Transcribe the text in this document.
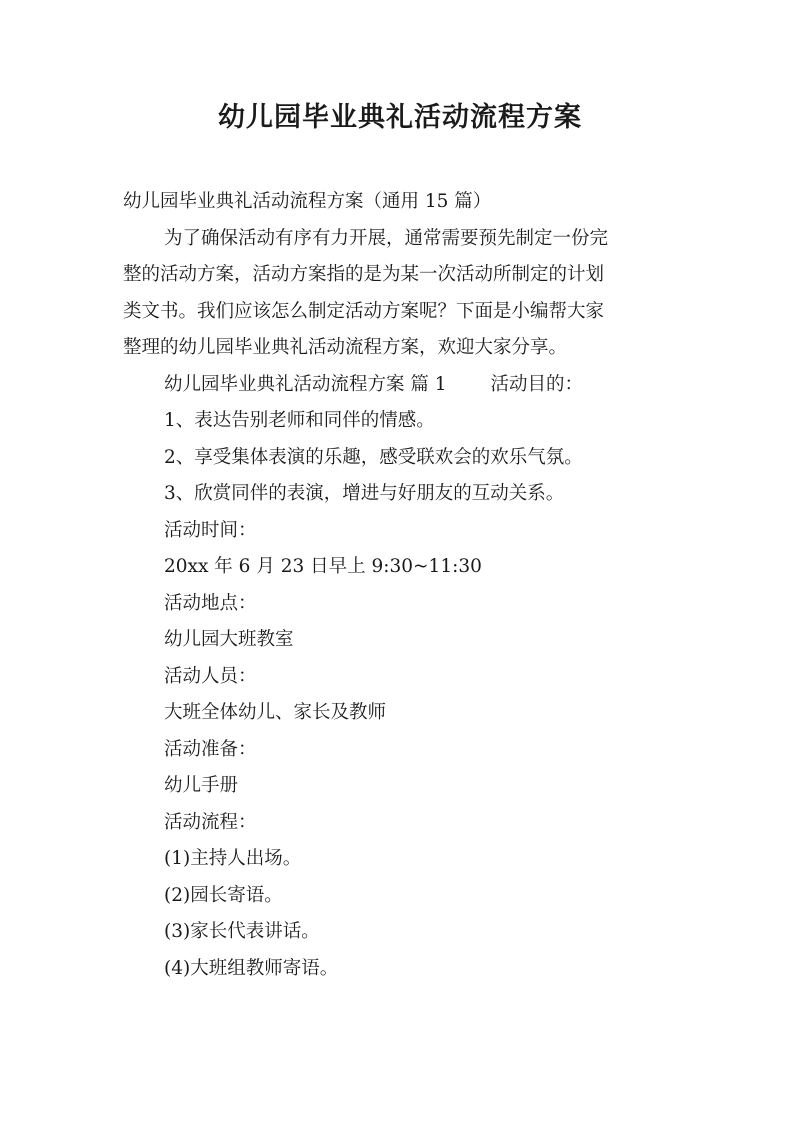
幼儿园毕业典礼活动流程方案

幼儿园毕业典礼活动流程方案（通用 15 篇）

为了确保活动有序有力开展，通常需要预先制定一份完

整的活动方案，活动方案指的是为某一次活动所制定的计划

类文书。我们应该怎么制定活动方案呢？下面是小编帮大家

整理的幼儿园毕业典礼活动流程方案，欢迎大家分享。

幼儿园毕业典礼活动流程方案 篇 1 活动目的：

1、表达告别老师和同伴的情感。

2、享受集体表演的乐趣，感受联欢会的欢乐气氛。

3、欣赏同伴的表演，增进与好朋友的互动关系。

活动时间：

20xx 年 6 月 23 日早上 9:30~11:30

活动地点：

幼儿园大班教室

活动人员：

大班全体幼儿、家长及教师

活动准备：

幼儿手册

活动流程：

(1)主持人出场。

(2)园长寄语。

(3)家长代表讲话。

(4)大班组教师寄语。
